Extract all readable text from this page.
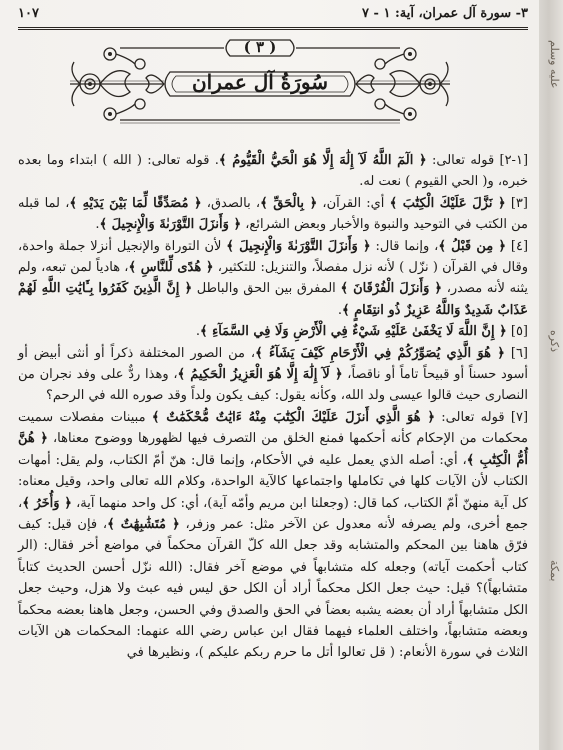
٣- سورة آل عمران، آية: ١ - ٧
١٠٧
( ٣ )
سُورَةُ آل عمران

[١-٢] قوله تعالى: ﴿ الٓمٓ اللَّهُ لَآ إِلَٰهَ إِلَّا هُوَ الْحَيُّ الْقَيُّومُ ﴾. قوله تعالى: ( الله ) ابتداء وما بعده خبره، و( الحي القيوم ) نعت له.

[٣] ﴿ نَزَّلَ عَلَيْكَ الْكِتَٰبَ ﴾ أي: القرآن، ﴿ بِالْحَقِّ ﴾، بالصدق، ﴿ مُصَدِّقًا لِّمَا بَيْنَ يَدَيْهِ ﴾، لما قبله من الكتب في التوحيد والنبوة والأخبار وبعض الشرائع، ﴿ وَأَنزَلَ التَّوْرَىٰةَ وَالْإِنجِيلَ ﴾.

[٤] ﴿ مِن قَبْلُ ﴾، وإنما قال: ﴿ وَأَنزَلَ التَّوْرَىٰةَ وَالْإِنجِيلَ ﴾ لأن التوراة والإنجيل أنزلا جملة واحدة، وقال في القرآن ( نزّل ) لأنه نزل مفصلاً، والتنزيل: للتكثير، ﴿ هُدًى لِّلنَّاسِ ﴾، هادياً لمن تبعه، ولم يثنه لأنه مصدر، ﴿ وَأَنزَلَ الْفُرْقَانَ ﴾ المفرق بين الحق والباطل ﴿ إِنَّ الَّذِينَ كَفَرُوا بِـَٔايَٰتِ اللَّهِ لَهُمْ عَذَابٌ شَدِيدٌ وَاللَّهُ عَزِيزٌ ذُو انتِقَامٍ ﴾.

[٥] ﴿ إِنَّ اللَّهَ لَا يَخْفَىٰ عَلَيْهِ شَيْءٌ فِي الْأَرْضِ وَلَا فِي السَّمَآءِ ﴾.

[٦] ﴿ هُوَ الَّذِي يُصَوِّرُكُمْ فِي الْأَرْحَامِ كَيْفَ يَشَآءُ ﴾، من الصور المختلفة ذكراً أو أنثى أبيض أو أسود حسناً أو قبيحاً تاماً أو ناقصاً، ﴿ لَآ إِلَٰهَ إِلَّا هُوَ الْعَزِيزُ الْحَكِيمُ ﴾، وهذا ردٌّ على وفد نجران من النصارى حيث قالوا عيسى ولد الله، وكأنه يقول: كيف يكون ولداً وقد صوره الله في الرحم؟

[٧] قوله تعالى: ﴿ هُوَ الَّذِي أَنزَلَ عَلَيْكَ الْكِتَٰبَ مِنْهُ ءَايَٰتٌ مُّحْكَمَٰتٌ ﴾ مبينات مفصلات سميت محكمات من الإحكام كأنه أحكمها فمنع الخلق من التصرف فيها لظهورها ووضوح معناها، ﴿ هُنَّ أُمُّ الْكِتَٰبِ ﴾، أي: أصله الذي يعمل عليه في الأحكام، وإنما قال: هنّ أمّ الكتاب، ولم يقل: أمهات الكتاب لأن الآيات كلها في تكاملها واجتماعها كالآية الواحدة، وكلام الله تعالى واحد، وقيل معناه: كل آية منهنّ أمّ الكتاب، كما قال: (وجعلنا ابن مريم وأمّه آية)، أي: كل واحد منهما آية، ﴿ وَأُخَرُ ﴾، جمع أخرى، ولم يصرفه لأنه معدول عن الآخر مثل: عمر وزفر، ﴿ مُتَشَٰبِهَٰتٌ ﴾، فإن قيل: كيف فرّق هاهنا بين المحكم والمتشابه وقد جعل الله كلّ القرآن محكماً في مواضع أخر فقال: (الر كتاب أحكمت آياته) وجعله كله متشابهاً في موضع آخر فقال: (الله نزّل أحسن الحديث كتاباً متشابهاً)؟ قيل: حيث جعل الكل محكماً أراد أن الكل حق ليس فيه عبث ولا هزل، وحيث جعل الكل متشابهاً أراد أن بعضه يشبه بعضاً في الحق والصدق وفي الحسن، وجعل هاهنا بعضه محكماً وبعضه متشابهاً، واختلف العلماء فيهما فقال ابن عباس رضي الله عنهما: المحكمات هن الآيات الثلاث في سورة الأنعام: ( قل تعالوا أتل ما حرم ربكم عليكم )، ونظيرها في

عليه وسلم
ذكره
بمكة
